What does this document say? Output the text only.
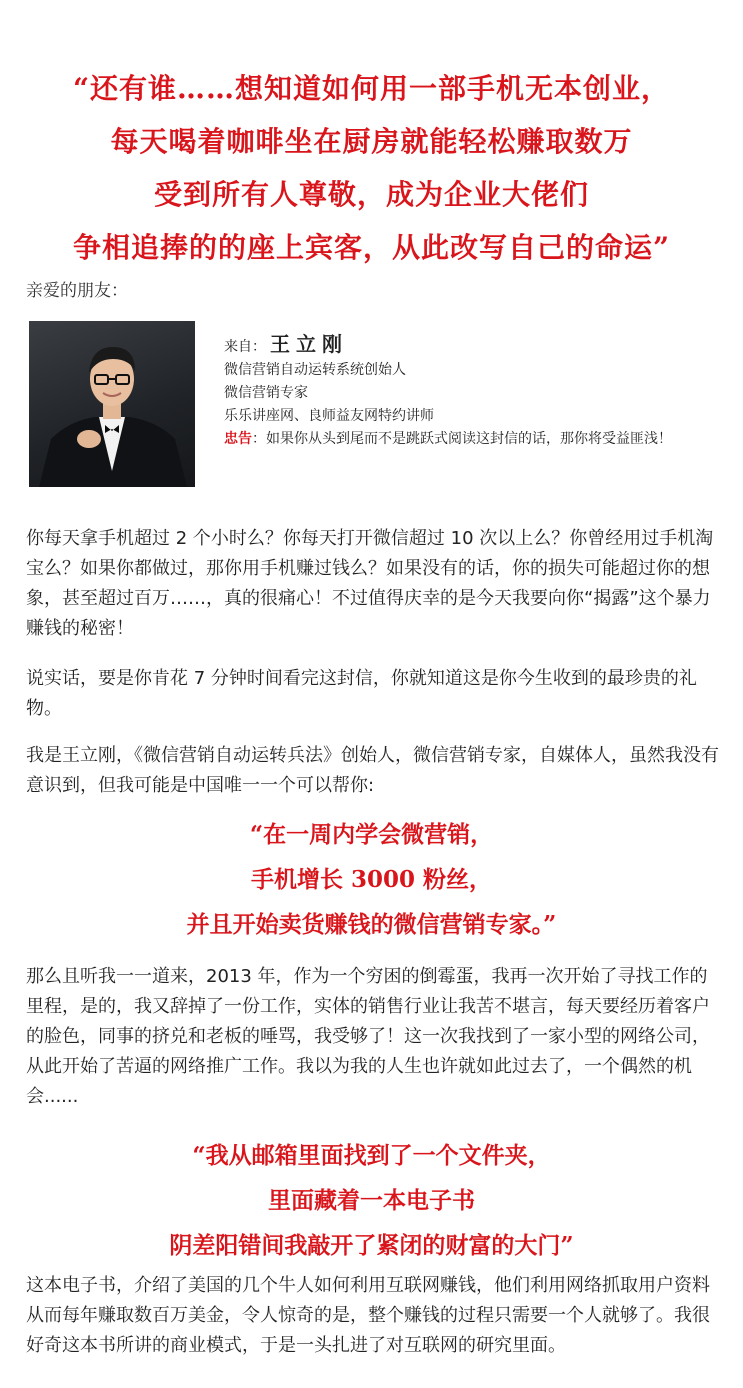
“还有谁……想知道如何用一部手机无本创业，
每天喝着咖啡坐在厨房就能轻松赚取数万
受到所有人尊敬，成为企业大佬们
争相追捧的的座上宾客，从此改写自己的命运”
亲爱的朋友：
来自： 王立刚
微信营销自动运转系统创始人
微信营销专家
乐乐讲座网、良师益友网特约讲师
忠告：如果你从头到尾而不是跳跃式阅读这封信的话，那你将受益匪浅！
你每天拿手机超过 2 个小时么？你每天打开微信超过 10 次以上么？你曾经用过手机淘宝么？如果你都做过，那你用手机赚过钱么？如果没有的话，你的损失可能超过你的想象，甚至超过百万……，真的很痛心！不过值得庆幸的是今天我要向你“揭露”这个暴力赚钱的秘密！
说实话，要是你肯花 7 分钟时间看完这封信，你就知道这是你今生收到的最珍贵的礼物。
我是王立刚，《微信营销自动运转兵法》创始人，微信营销专家，自媒体人，虽然我没有意识到，但我可能是中国唯一一个可以帮你:
“在一周内学会微营销，
手机增长 3000 粉丝，
并且开始卖货赚钱的微信营销专家。”
那么且听我一一道来，2013 年，作为一个穷困的倒霉蛋，我再一次开始了寻找工作的里程，是的，我又辞掉了一份工作，实体的销售行业让我苦不堪言，每天要经历着客户的脸色，同事的挤兑和老板的唾骂，我受够了！这一次我找到了一家小型的网络公司，从此开始了苦逼的网络推广工作。我以为我的人生也许就如此过去了，一个偶然的机会......
“我从邮箱里面找到了一个文件夹，
里面藏着一本电子书
阴差阳错间我敲开了紧闭的财富的大门”
这本电子书，介绍了美国的几个牛人如何利用互联网赚钱，他们利用网络抓取用户资料从而每年赚取数百万美金，令人惊奇的是，整个赚钱的过程只需要一个人就够了。我很好奇这本书所讲的商业模式，于是一头扎进了对互联网的研究里面。
